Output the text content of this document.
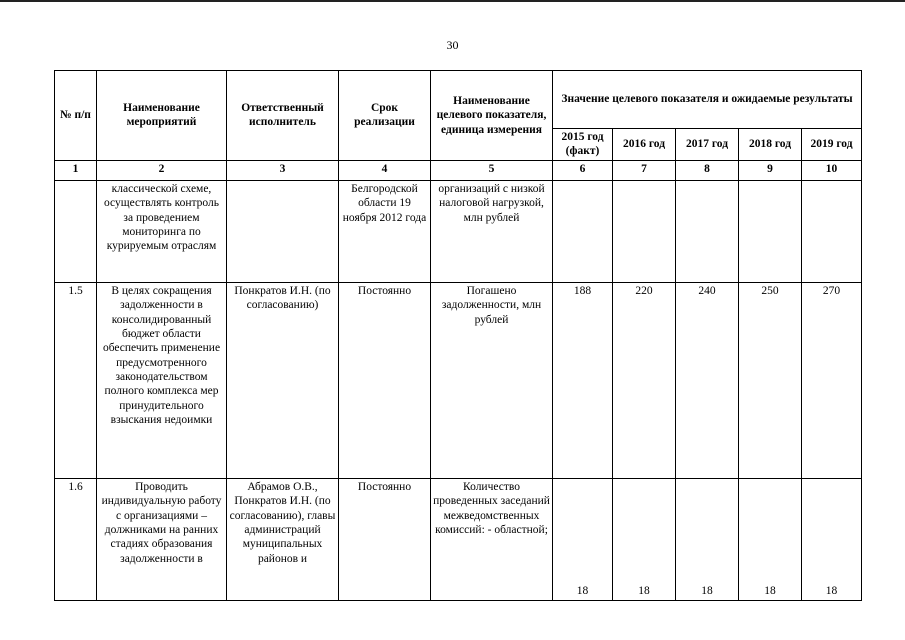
30
№ п/п	Наименование мероприятий	Ответственный исполнитель	Срок реализации	Наименование целевого показателя, единица измерения	Значение целевого показателя и ожидаемые результаты				
					2015 год (факт)	2016 год	2017 год	2018 год	2019 год
1	2	3	4	5	6	7	8	9	10
	классической схеме, осуществлять контроль за проведением мониторинга по курируемым отраслям		Белгородской области 19 ноября 2012 года	организаций с низкой налоговой нагрузкой, млн рублей					
1.5	В целях сокращения задолженности в консолидированный бюджет области обеспечить применение предусмотренного законодательством полного комплекса мер принудительного взыскания недоимки	Понкратов И.Н. (по согласованию)	Постоянно	Погашено задолженности, млн рублей	188	220	240	250	270
1.6	Проводить индивидуальную работу с организациями – должниками на ранних стадиях образования задолженности в	Абрамов О.В., Понкратов И.Н. (по согласованию), главы администраций муниципальных районов и	Постоянно	Количество проведенных заседаний межведомственных комиссий: - областной;	18	18	18	18	18
